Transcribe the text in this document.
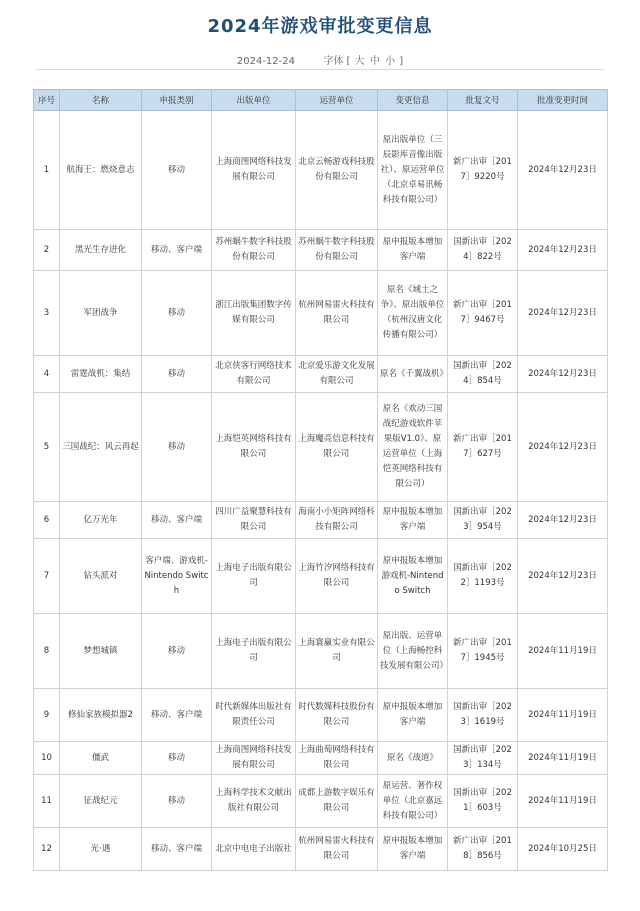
2024年游戏审批变更信息
2024-12-24	字体 [ 大 中 小 ]
序号	名称	申报类别	出版单位	运营单位	变更信息	批复文号	批准变更时间
1	航海王：燃烧意志	移动	上海商图网络科技发展有限公司	北京云畅游戏科技股份有限公司	原出版单位（三辰影库音像出版社）、原运营单位（北京卓易讯畅科技有限公司）	新广出审［2017］9220号	2024年12月23日
2	黑光生存进化	移动、客户端	苏州蜗牛数字科技股份有限公司	苏州蜗牛数字科技股份有限公司	原申报版本增加客户端	国新出审［2024］822号	2024年12月23日
3	军团战争	移动	浙江出版集团数字传媒有限公司	杭州网易雷火科技有限公司	原名《域土之争》、原出版单位（杭州汉唐文化传播有限公司）	新广出审［2017］9467号	2024年12月23日
4	雷霆战机：集结	移动	北京侠客行网络技术有限公司	北京爱乐游文化发展有限公司	原名《千翼战机》	国新出审［2024］854号	2024年12月23日
5	三国战纪：风云再起	移动	上海恺英网络科技有限公司	上海魔亮信息科技有限公司	原名《欢动三国战纪游戏软件苹果版V1.0》、原运营单位（上海恺英网络科技有限公司）	新广出审［2017］627号	2024年12月23日
6	亿万光年	移动、客户端	四川广益聚慧科技有限公司	海南小小矩阵网络科技有限公司	原申报版本增加客户端	国新出审［2023］954号	2024年12月23日
7	钻头派对	客户端、游戏机-Nintendo Switch	上海电子出版有限公司	上海竹汐网络科技有限公司	原申报版本增加游戏机-Nintendo Switch	国新出审［2022］1193号	2024年12月23日
8	梦想城镇	移动	上海电子出版有限公司	上海寰赢实业有限公司	原出版、运营单位（上海畅控科技发展有限公司）	新广出审［2017］1945号	2024年11月19日
9	修仙家族模拟器2	移动、客户端	时代新媒体出版社有限责任公司	时代数媒科技股份有限公司	原申报版本增加客户端	国新出审［2023］1619号	2024年11月19日
10	僵武	移动	上海商图网络科技发展有限公司	上海曲萄网络科技有限公司	原名《战道》	国新出审［2023］134号	2024年11月19日
11	征战纪元	移动	上海科学技术文献出版社有限公司	成都上游数字娱乐有限公司	原运营、著作权单位（北京嘉远科技有限公司）	国新出审［2021］603号	2024年11月19日
12	光·遇	移动、客户端	北京中电电子出版社	杭州网易雷火科技有限公司	原申报版本增加客户端	新广出审［2018］856号	2024年10月25日
